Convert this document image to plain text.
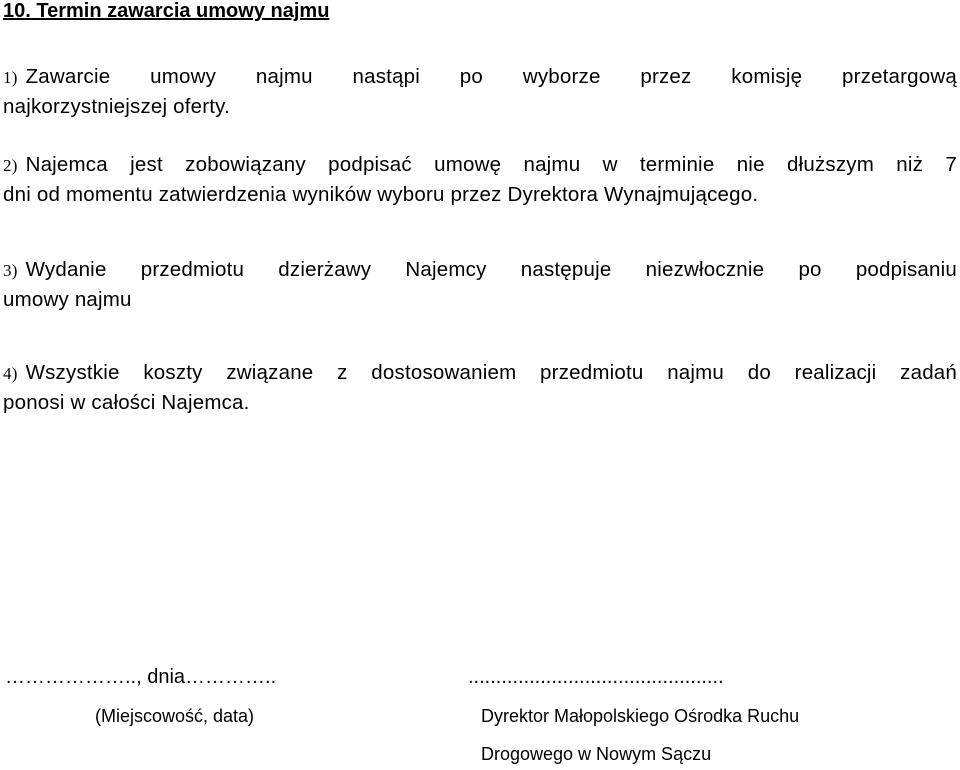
10. Termin zawarcia umowy najmu
1) Zawarcie umowy najmu nastąpi po wyborze przez komisję przetargową
najkorzystniejszej oferty.
2) Najemca jest zobowiązany podpisać umowę najmu w terminie nie dłuższym niż 7
dni od momentu zatwierdzenia wyników wyboru przez Dyrektora Wynajmującego.
3) Wydanie przedmiotu dzierżawy Najemcy następuje niezwłocznie po podpisaniu
umowy najmu
4) Wszystkie koszty związane z dostosowaniem przedmiotu najmu do realizacji zadań
ponosi w całości Najemca.
……………….., dnia…………..
(Miejscowość, data)
..............................................
Dyrektor Małopolskiego Ośrodka Ruchu
Drogowego w Nowym Sączu
